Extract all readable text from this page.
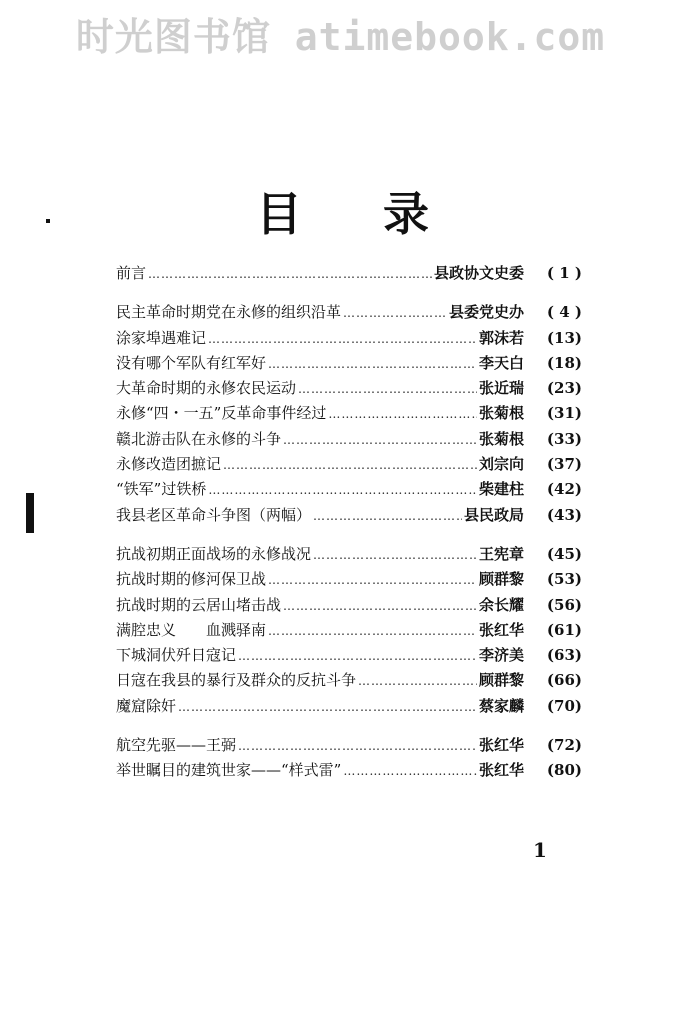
时光图书馆 atimebook.com
目 录
前言 ……………………………………………………………………………………………………………………	县政协文史委	( 1 )
民主革命时期党在永修的组织沿革 ……………………………………………………………………………………………………………………	县委党史办	( 4 )
涂家埠遇难记 ……………………………………………………………………………………………………………………	郭沫若	(13)
没有哪个军队有红军好 ……………………………………………………………………………………………………………………	李天白	(18)
大革命时期的永修农民运动 ……………………………………………………………………………………………………………………	张近瑞	(23)
永修“四・一五”反革命事件经过 ……………………………………………………………………………………………………………………	张菊根	(31)
赣北游击队在永修的斗争 ……………………………………………………………………………………………………………………	张菊根	(33)
永修改造团摭记 ……………………………………………………………………………………………………………………	刘宗向	(37)
“铁军”过铁桥 ……………………………………………………………………………………………………………………	柴建柱	(42)
我县老区革命斗争图（两幅） ……………………………………………………………………………………………………………………	县民政局	(43)
抗战初期正面战场的永修战况 ……………………………………………………………………………………………………………………	王宪章	(45)
抗战时期的修河保卫战 ……………………………………………………………………………………………………………………	顾群黎	(53)
抗战时期的云居山堵击战 ……………………………………………………………………………………………………………………	余长耀	(56)
满腔忠义　　血溅驿南 ……………………………………………………………………………………………………………………	张红华	(61)
下城洞伏歼日寇记 ……………………………………………………………………………………………………………………	李济美	(63)
日寇在我县的暴行及群众的反抗斗争 ……………………………………………………………………………………………………………………	顾群黎	(66)
魔窟除奸 ……………………………………………………………………………………………………………………	蔡家麟	(70)
航空先驱——王弼 ……………………………………………………………………………………………………………………	张红华	(72)
举世瞩目的建筑世家——“样式雷” ……………………………………………………………………………………………………………………	张红华	(80)
1
